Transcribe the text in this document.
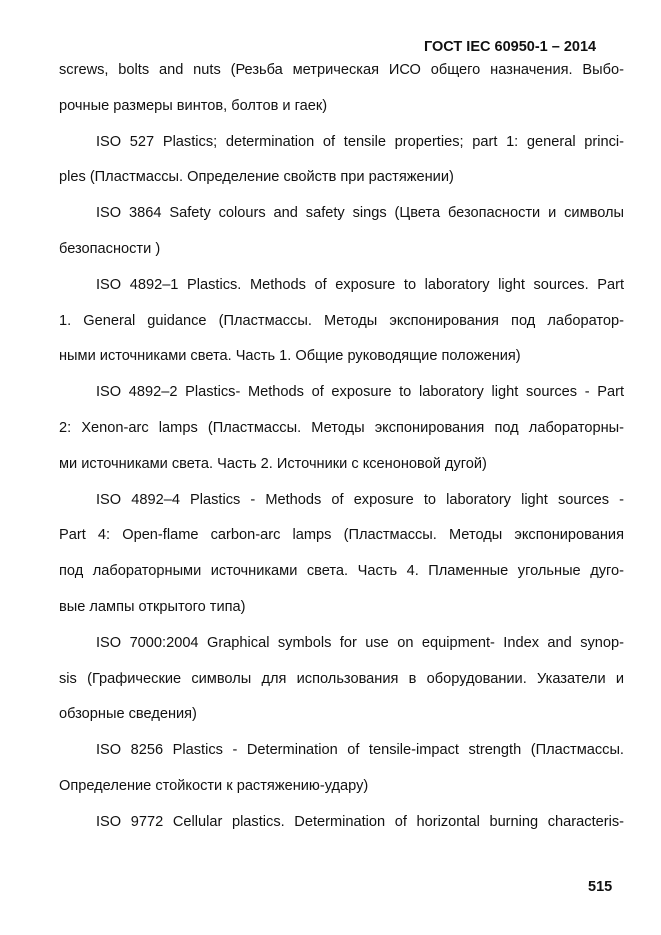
ГОСТ IEC 60950-1 – 2014
screws, bolts and nuts (Резьба метрическая ИСО общего назначения. Выбо-
рочные размеры винтов, болтов и гаек)
ISO 527 Plastics; determination of tensile properties; part 1: general princi-
ples (Пластмассы. Определение свойств при растяжении)
ISO 3864 Safety colours and safety sings (Цвета безопасности и символы
безопасности )
ISO 4892–1 Plastics. Methods of exposure to laboratory light sources. Part
1. General guidance (Пластмассы. Методы экспонирования под лаборатор-
ными источниками света. Часть 1. Общие руководящие положения)
ISO 4892–2 Plastics- Methods of exposure to laboratory light sources - Part
2: Xenon-arc lamps (Пластмассы. Методы экспонирования под лабораторны-
ми источниками света. Часть 2. Источники с ксеноновой дугой)
ISO 4892–4 Plastics - Methods of exposure to laboratory light sources -
Part 4: Open-flame carbon-arc lamps (Пластмассы. Методы экспонирования
под лабораторными источниками света. Часть 4. Пламенные угольные дуго-
вые лампы открытого типа)
ISO 7000:2004 Graphical symbols for use on equipment- Index and synop-
sis (Графические символы для использования в оборудовании. Указатели и
обзорные сведения)
ISO 8256 Plastics - Determination of tensile-impact strength (Пластмассы.
Определение стойкости к растяжению-удару)
ISO 9772 Cellular plastics. Determination of horizontal burning characteris-
515
